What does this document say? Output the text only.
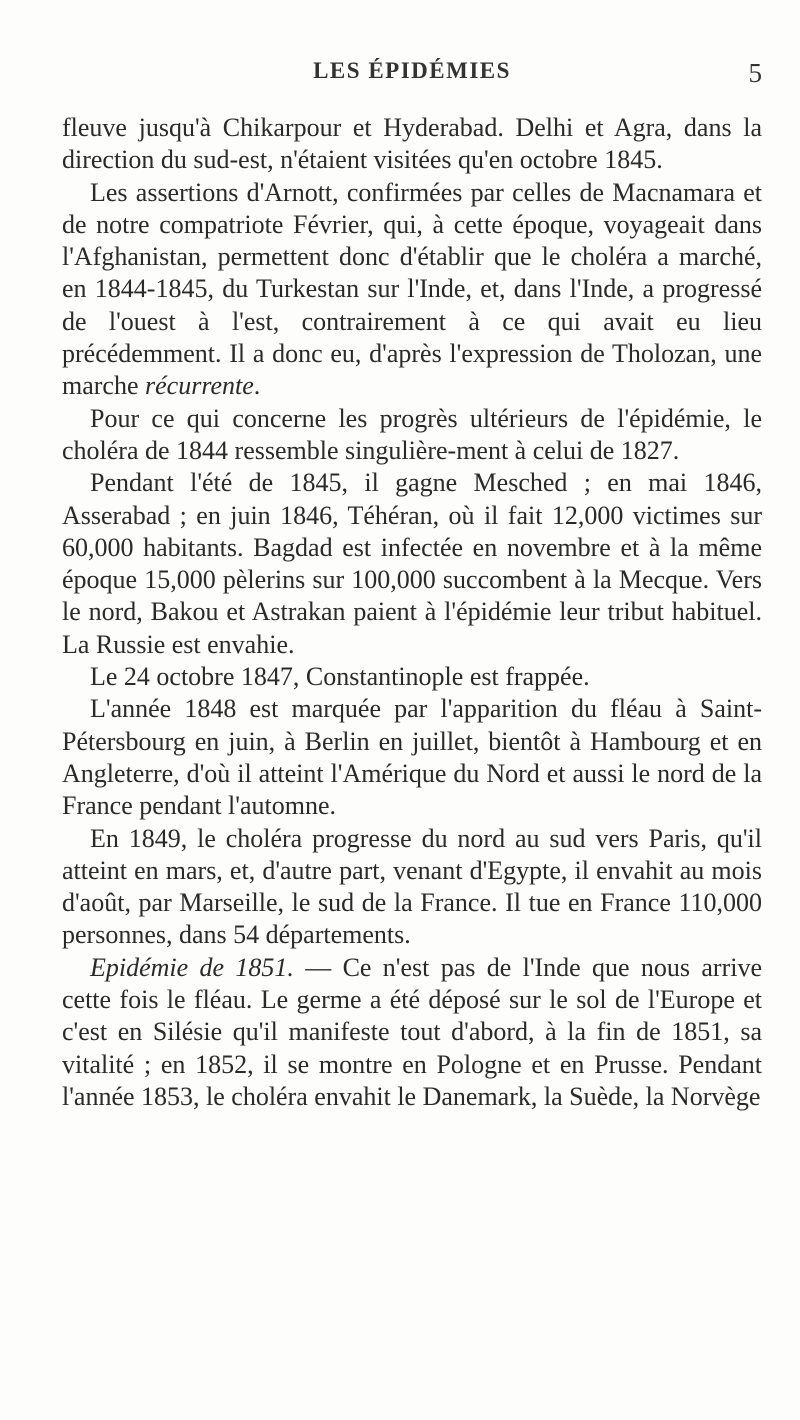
LES ÉPIDÉMIES	5

fleuve jusqu'à Chikarpour et Hyderabad. Delhi et Agra, dans la direction du sud-est, n'étaient visitées qu'en octobre 1845.

Les assertions d'Arnott, confirmées par celles de Macnamara et de notre compatriote Février, qui, à cette époque, voyageait dans l'Afghanistan, permettent donc d'établir que le choléra a marché, en 1844-1845, du Turkestan sur l'Inde, et, dans l'Inde, a progressé de l'ouest à l'est, contrairement à ce qui avait eu lieu précédemment. Il a donc eu, d'après l'expression de Tholozan, une marche récurrente.

Pour ce qui concerne les progrès ultérieurs de l'épidémie, le choléra de 1844 ressemble singulière-ment à celui de 1827.

Pendant l'été de 1845, il gagne Mesched ; en mai 1846, Asserabad ; en juin 1846, Téhéran, où il fait 12,000 victimes sur 60,000 habitants. Bagdad est infectée en novembre et à la même époque 15,000 pèlerins sur 100,000 succombent à la Mecque. Vers le nord, Bakou et Astrakan paient à l'épidémie leur tribut habituel. La Russie est envahie.

Le 24 octobre 1847, Constantinople est frappée.

L'année 1848 est marquée par l'apparition du fléau à Saint-Pétersbourg en juin, à Berlin en juillet, bientôt à Hambourg et en Angleterre, d'où il atteint l'Amérique du Nord et aussi le nord de la France pendant l'automne.

En 1849, le choléra progresse du nord au sud vers Paris, qu'il atteint en mars, et, d'autre part, venant d'Egypte, il envahit au mois d'août, par Marseille, le sud de la France. Il tue en France 110,000 personnes, dans 54 départements.

Epidémie de 1851. — Ce n'est pas de l'Inde que nous arrive cette fois le fléau. Le germe a été déposé sur le sol de l'Europe et c'est en Silésie qu'il manifeste tout d'abord, à la fin de 1851, sa vitalité ; en 1852, il se montre en Pologne et en Prusse. Pendant l'année 1853, le choléra envahit le Danemark, la Suède, la Norvège
